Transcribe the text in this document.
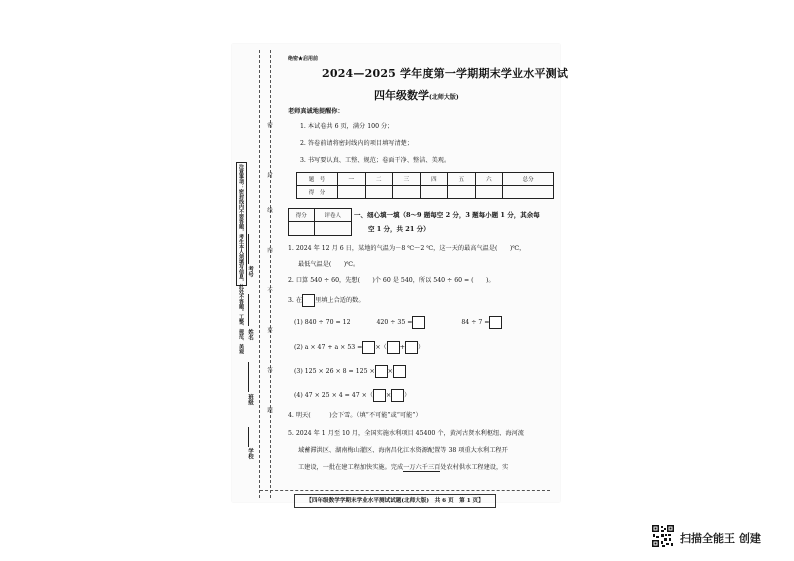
注意事项：密封线内不要答题，考生本人须填写信息，此处不答题。工整、规范、美观
学校
班级
姓名
考号
密
封
线
内
不
要
答
题
绝密★启用前
2024—2025 学年度第一学期期末学业水平测试
四年级数学(北师大版)
老师真诚地提醒你：
1. 本试卷共 6 页，满分 100 分；
2. 答卷前请将密封线内的项目填写清楚；
3. 书写要认真、工整、规范；卷面干净、整洁、美观。
题　号	一	二	三	四	五	六	总分
得　分							
得分	评卷人
	一、细心填一填（8～9 题每空 2 分，3 题每小题 1 分，其余每
空 1 分，共 21 分）
1. 2024 年 12 月 6 日，某地的气温为－8 ℃～2 ℃，这一天的最高气温是(　　)℃，
最低气温是(　　)℃。
2. 口算 540 ÷ 60，先想(　　)个 60 是 540，所以 540 ÷ 60 = (　　)。
3. 在 里填上合适的数。
(1) 840 ÷ 70 = 12	420 ÷ 35 =	84 ÷ 7 =
(2) a × 47 + a × 53 = ×（ + ）
(3) 125 × 26 × 8 = 125 × ×
(4) 47 × 25 × 4 = 47 ×（ × ）
4. 明天(　　　)会下雪。（填“不可能”或“可能”）
5. 2024 年 1 月至 10 月，全国实施水利项目 45400 个，黄河古贤水利枢纽、海河流
域蓄滞洪区、湖南梅山灌区、海南昌化江水资源配置等 38 项重大水利工程开
工建设，一批在建工程加快实施。完成一万六千三百处农村供水工程建设，实
【四年级数学学期末学业水平测试试题(北师大版)　共 6 页　第 1 页】
扫描全能王 创建
